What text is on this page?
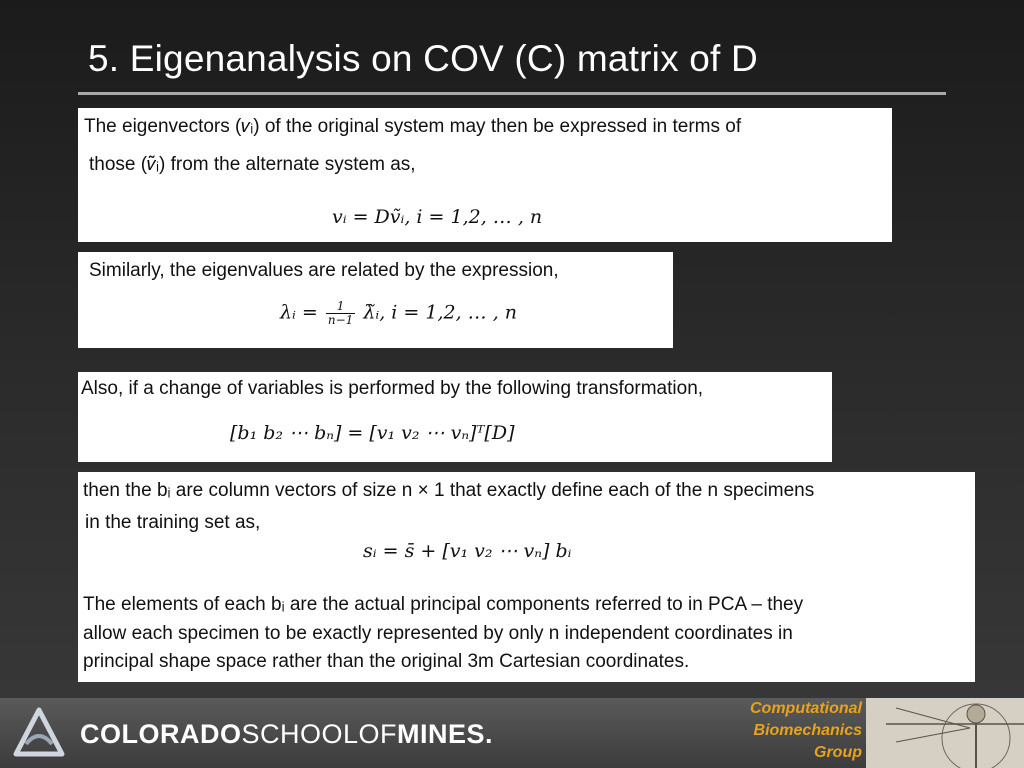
5. Eigenanalysis on COV (C) matrix of D
The eigenvectors (𝑣ᵢ) of the original system may then be expressed in terms of
those (𝑣̃ᵢ) from the alternate system as,
vᵢ = Dṽᵢ, i = 1,2, … , n
Similarly, the eigenvalues are related by the expression,
λᵢ = $\frac{1}{n-1}$ λ̃ᵢ, i = 1,2, … , n
Also, if a change of variables is performed by the following transformation,
[b₁ b₂ ⋯ bₙ] = [v₁ v₂ ⋯ vₙ]ᵀ[D]
then the bᵢ are column vectors of size n × 1 that exactly define each of the n specimens
in the training set as,
sᵢ = s̄ + [v₁ v₂ ⋯ vₙ] bᵢ
The elements of each bᵢ are the actual principal components referred to in PCA – they
allow each specimen to be exactly represented by only n independent coordinates in
principal shape space rather than the original 3m Cartesian coordinates.
COLORADOSCHOOLOFMINES.
Computational
Biomechanics
Group
